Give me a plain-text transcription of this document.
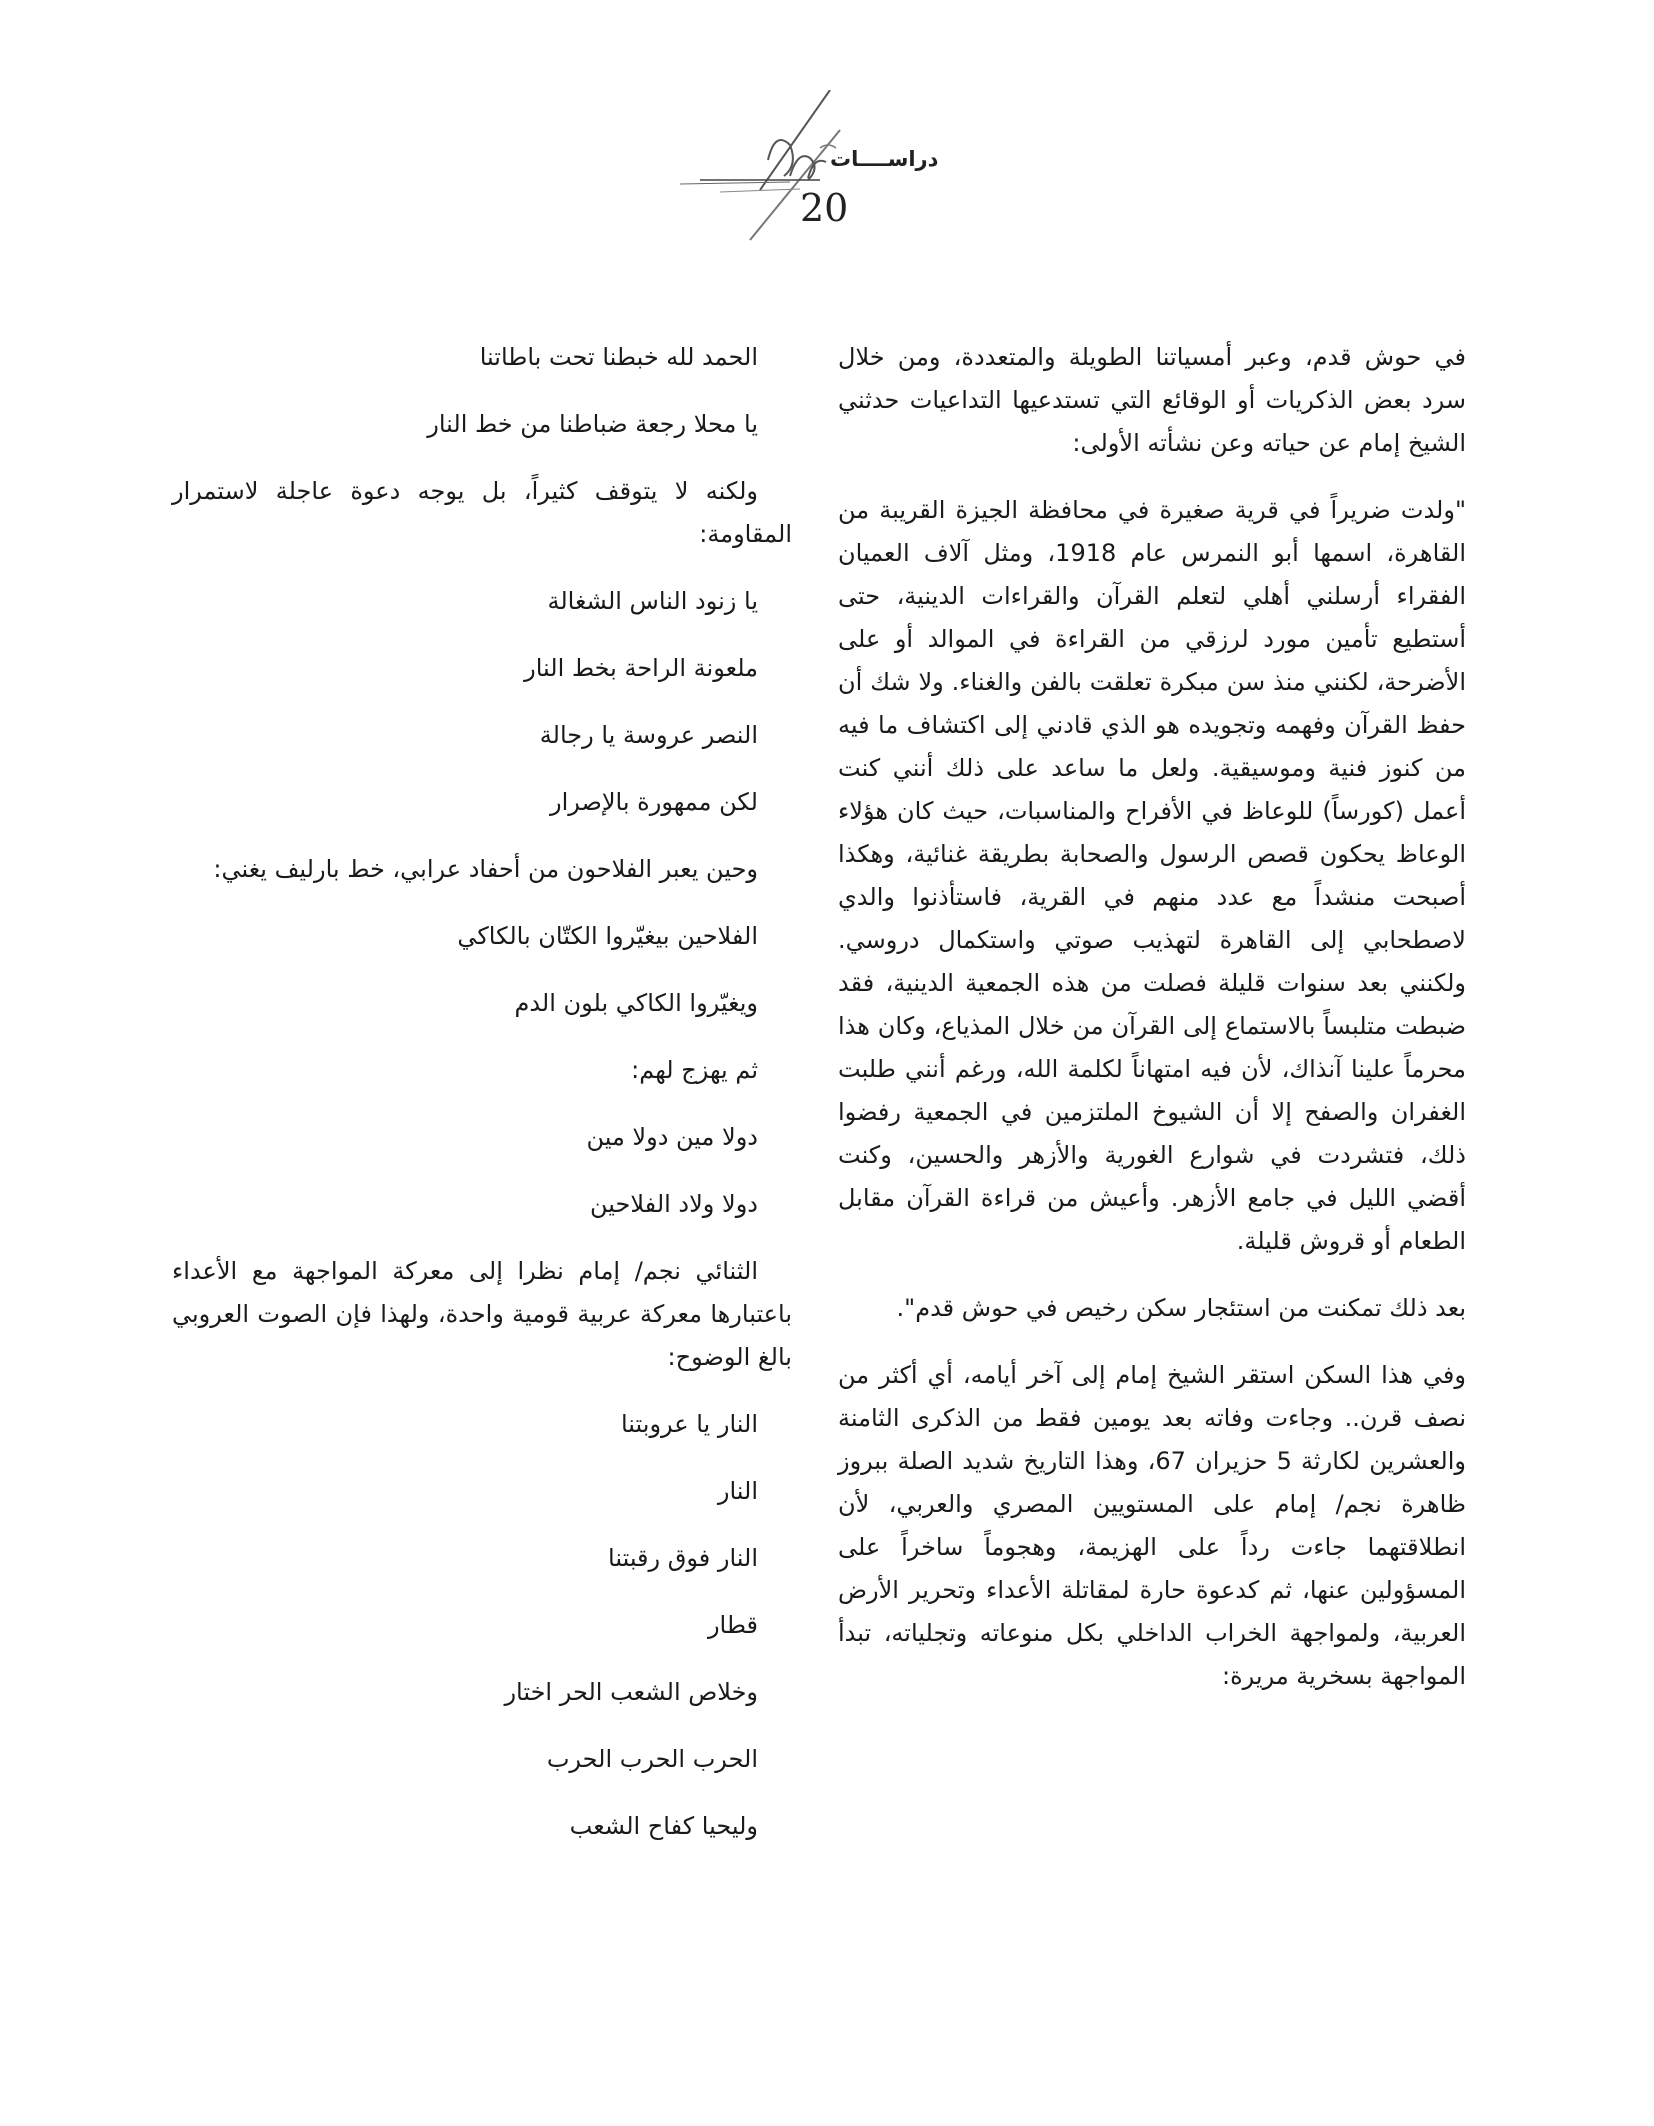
دراســــات
20
في حوش قدم، وعبر أمسياتنا الطويلة والمتعددة، ومن خلال سرد بعض الذكريات أو الوقائع التي تستدعيها التداعيات حدثني الشيخ إمام عن حياته وعن نشأته الأولى:
"ولدت ضريراً في قرية صغيرة في محافظة الجيزة القريبة من القاهرة، اسمها أبو النمرس عام 1918، ومثل آلاف العميان الفقراء أرسلني أهلي لتعلم القرآن والقراءات الدينية، حتى أستطيع تأمين مورد لرزقي من القراءة في الموالد أو على الأضرحة، لكنني منذ سن مبكرة تعلقت بالفن والغناء. ولا شك أن حفظ القرآن وفهمه وتجويده هو الذي قادني إلى اكتشاف ما فيه من كنوز فنية وموسيقية. ولعل ما ساعد على ذلك أنني كنت أعمل (كورساً) للوعاظ في الأفراح والمناسبات، حيث كان هؤلاء الوعاظ يحكون قصص الرسول والصحابة بطريقة غنائية، وهكذا أصبحت منشداً مع عدد منهم في القرية، فاستأذنوا والدي لاصطحابي إلى القاهرة لتهذيب صوتي واستكمال دروسي. ولكنني بعد سنوات قليلة فصلت من هذه الجمعية الدينية، فقد ضبطت متلبساً بالاستماع إلى القرآن من خلال المذياع، وكان هذا محرماً علينا آنذاك، لأن فيه امتهاناً لكلمة الله، ورغم أنني طلبت الغفران والصفح إلا أن الشيوخ الملتزمين في الجمعية رفضوا ذلك، فتشردت في شوارع الغورية والأزهر والحسين، وكنت أقضي الليل في جامع الأزهر. وأعيش من قراءة القرآن مقابل الطعام أو قروش قليلة.
بعد ذلك تمكنت من استئجار سكن رخيص في حوش قدم".
وفي هذا السكن استقر الشيخ إمام إلى آخر أيامه، أي أكثر من نصف قرن.. وجاءت وفاته بعد يومين فقط من الذكرى الثامنة والعشرين لكارثة 5 حزيران 67، وهذا التاريخ شديد الصلة ببروز ظاهرة نجم/ إمام على المستويين المصري والعربي، لأن انطلاقتهما جاءت رداً على الهزيمة، وهجوماً ساخراً على المسؤولين عنها، ثم كدعوة حارة لمقاتلة الأعداء وتحرير الأرض العربية، ولمواجهة الخراب الداخلي بكل منوعاته وتجلياته، تبدأ المواجهة بسخرية مريرة:
الحمد لله خبطنا تحت باطاتنا
يا محلا رجعة ضباطنا من خط النار
ولكنه لا يتوقف كثيراً، بل يوجه دعوة عاجلة لاستمرار المقاومة:
يا زنود الناس الشغالة
ملعونة الراحة بخط النار
النصر عروسة يا رجالة
لكن ممهورة بالإصرار
وحين يعبر الفلاحون من أحفاد عرابي، خط بارليف يغني:
الفلاحين بيغيّروا الكتّان بالكاكي
ويغيّروا الكاكي بلون الدم
ثم يهزج لهم:
دولا مين دولا مين
دولا ولاد الفلاحين
الثنائي نجم/ إمام نظرا إلى معركة المواجهة مع الأعداء باعتبارها معركة عربية قومية واحدة، ولهذا فإن الصوت العروبي بالغ الوضوح:
النار يا عروبتنا
النار
النار فوق رقبتنا
قطار
وخلاص الشعب الحر اختار
الحرب الحرب الحرب
وليحيا كفاح الشعب
